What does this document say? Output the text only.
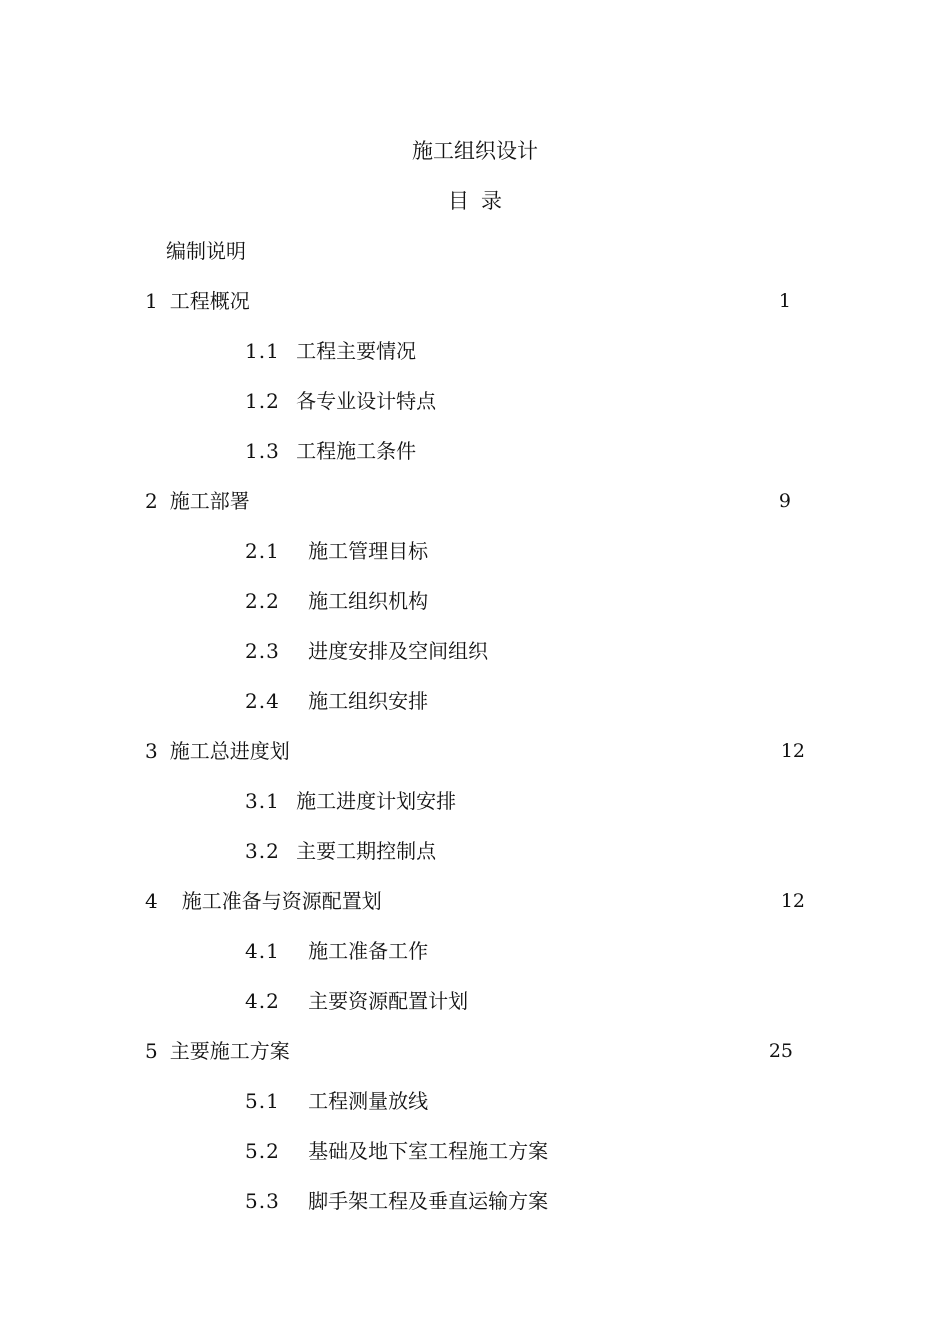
施工组织设计
目录
编制说明
1 工程概况	1
1.1 工程主要情况
1.2 各专业设计特点
1.3 工程施工条件
2 施工部署	9
2.1 施工管理目标
2.2 施工组织机构
2.3 进度安排及空间组织
2.4 施工组织安排
3 施工总进度划	12
3.1 施工进度计划安排
3.2 主要工期控制点
4 施工准备与资源配置划	12
4.1 施工准备工作
4.2 主要资源配置计划
5 主要施工方案	25
5.1 工程测量放线
5.2 基础及地下室工程施工方案
5.3 脚手架工程及垂直运输方案
